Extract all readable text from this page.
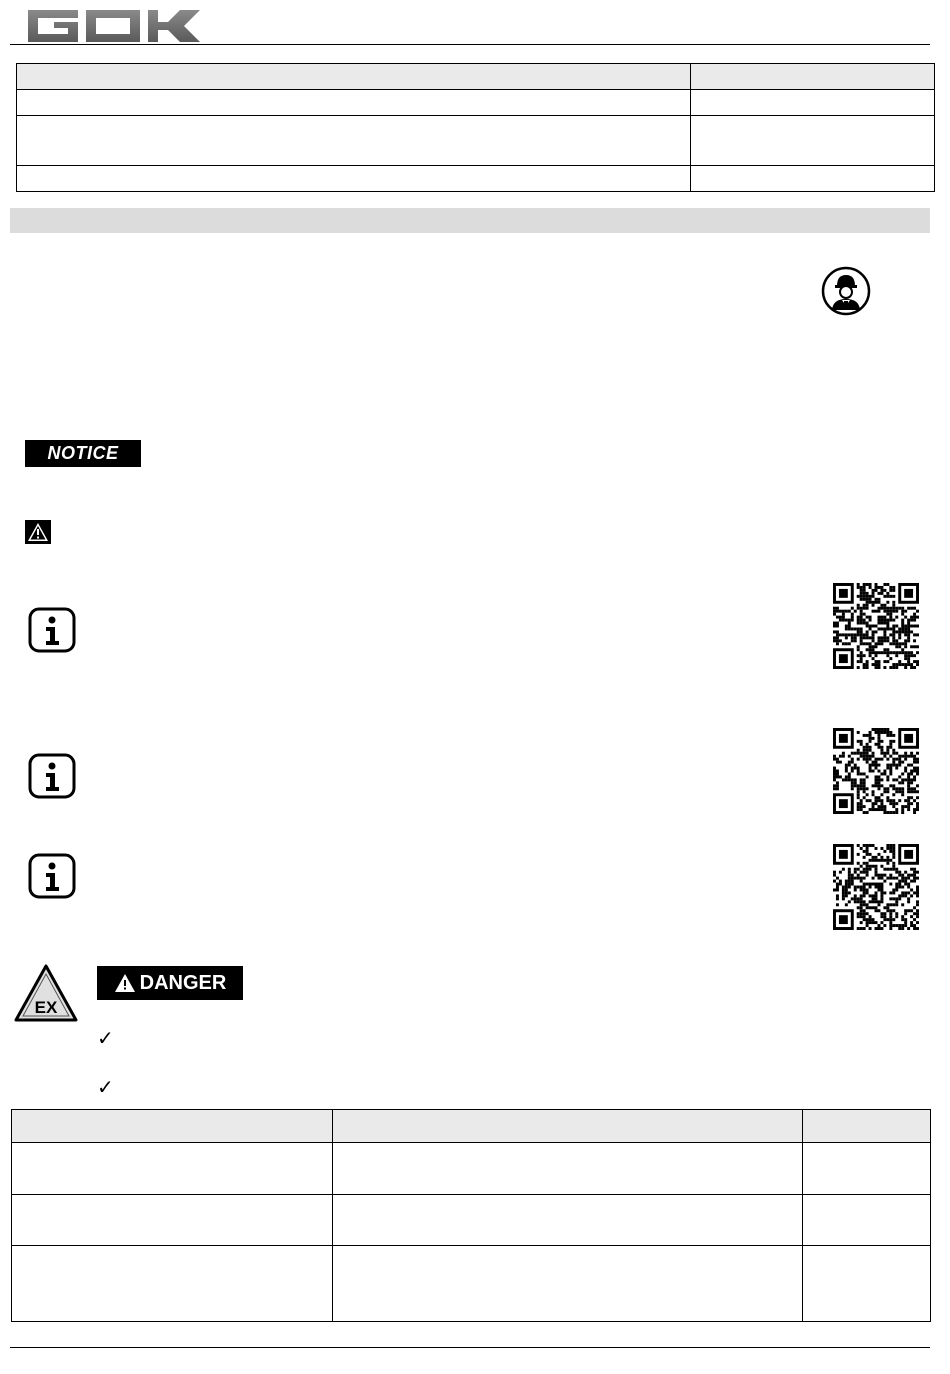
NOTICE
EX
DANGER
✓
✓
